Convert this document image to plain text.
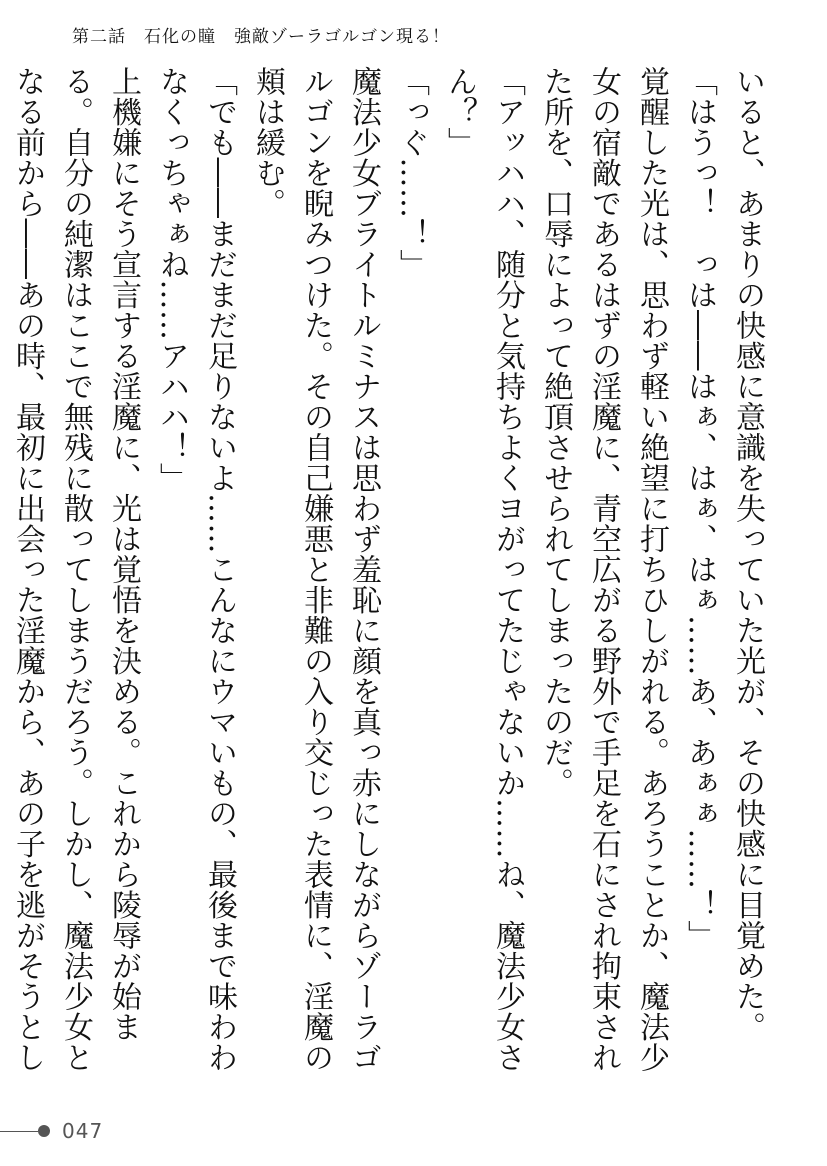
第二話　石化の瞳　強敵ゾーラゴルゴン現る！

いると、あまりの快感に意識を失っていた光が、その快感に目覚めた。

「はうっ！　っは――はぁ、はぁ、はぁ……あ、あぁぁ……！」

覚醒した光は、思わず軽い絶望に打ちひしがれる。あろうことか、魔法少女の宿敵であるはずの淫魔に、青空広がる野外で手足を石にされ拘束された所を、口辱によって絶頂させられてしまったのだ。

「アッハハ、随分と気持ちよくヨがってたじゃないか……ね、魔法少女さん？」

「っぐ……！」

魔法少女ブライトルミナスは思わず羞恥に顔を真っ赤にしながらゾーラゴルゴンを睨みつけた。その自己嫌悪と非難の入り交じった表情に、淫魔の頬は緩む。

「でも――まだまだ足りないよ……こんなにウマいもの、最後まで味わわなくっちゃぁね……アハハ！」

上機嫌にそう宣言する淫魔に、光は覚悟を決める。これから陵辱が始まる。自分の純潔はここで無残に散ってしまうだろう。しかし、魔法少女となる前から――あの時、最初に出会った淫魔から、あの子を逃がそうとし

047
